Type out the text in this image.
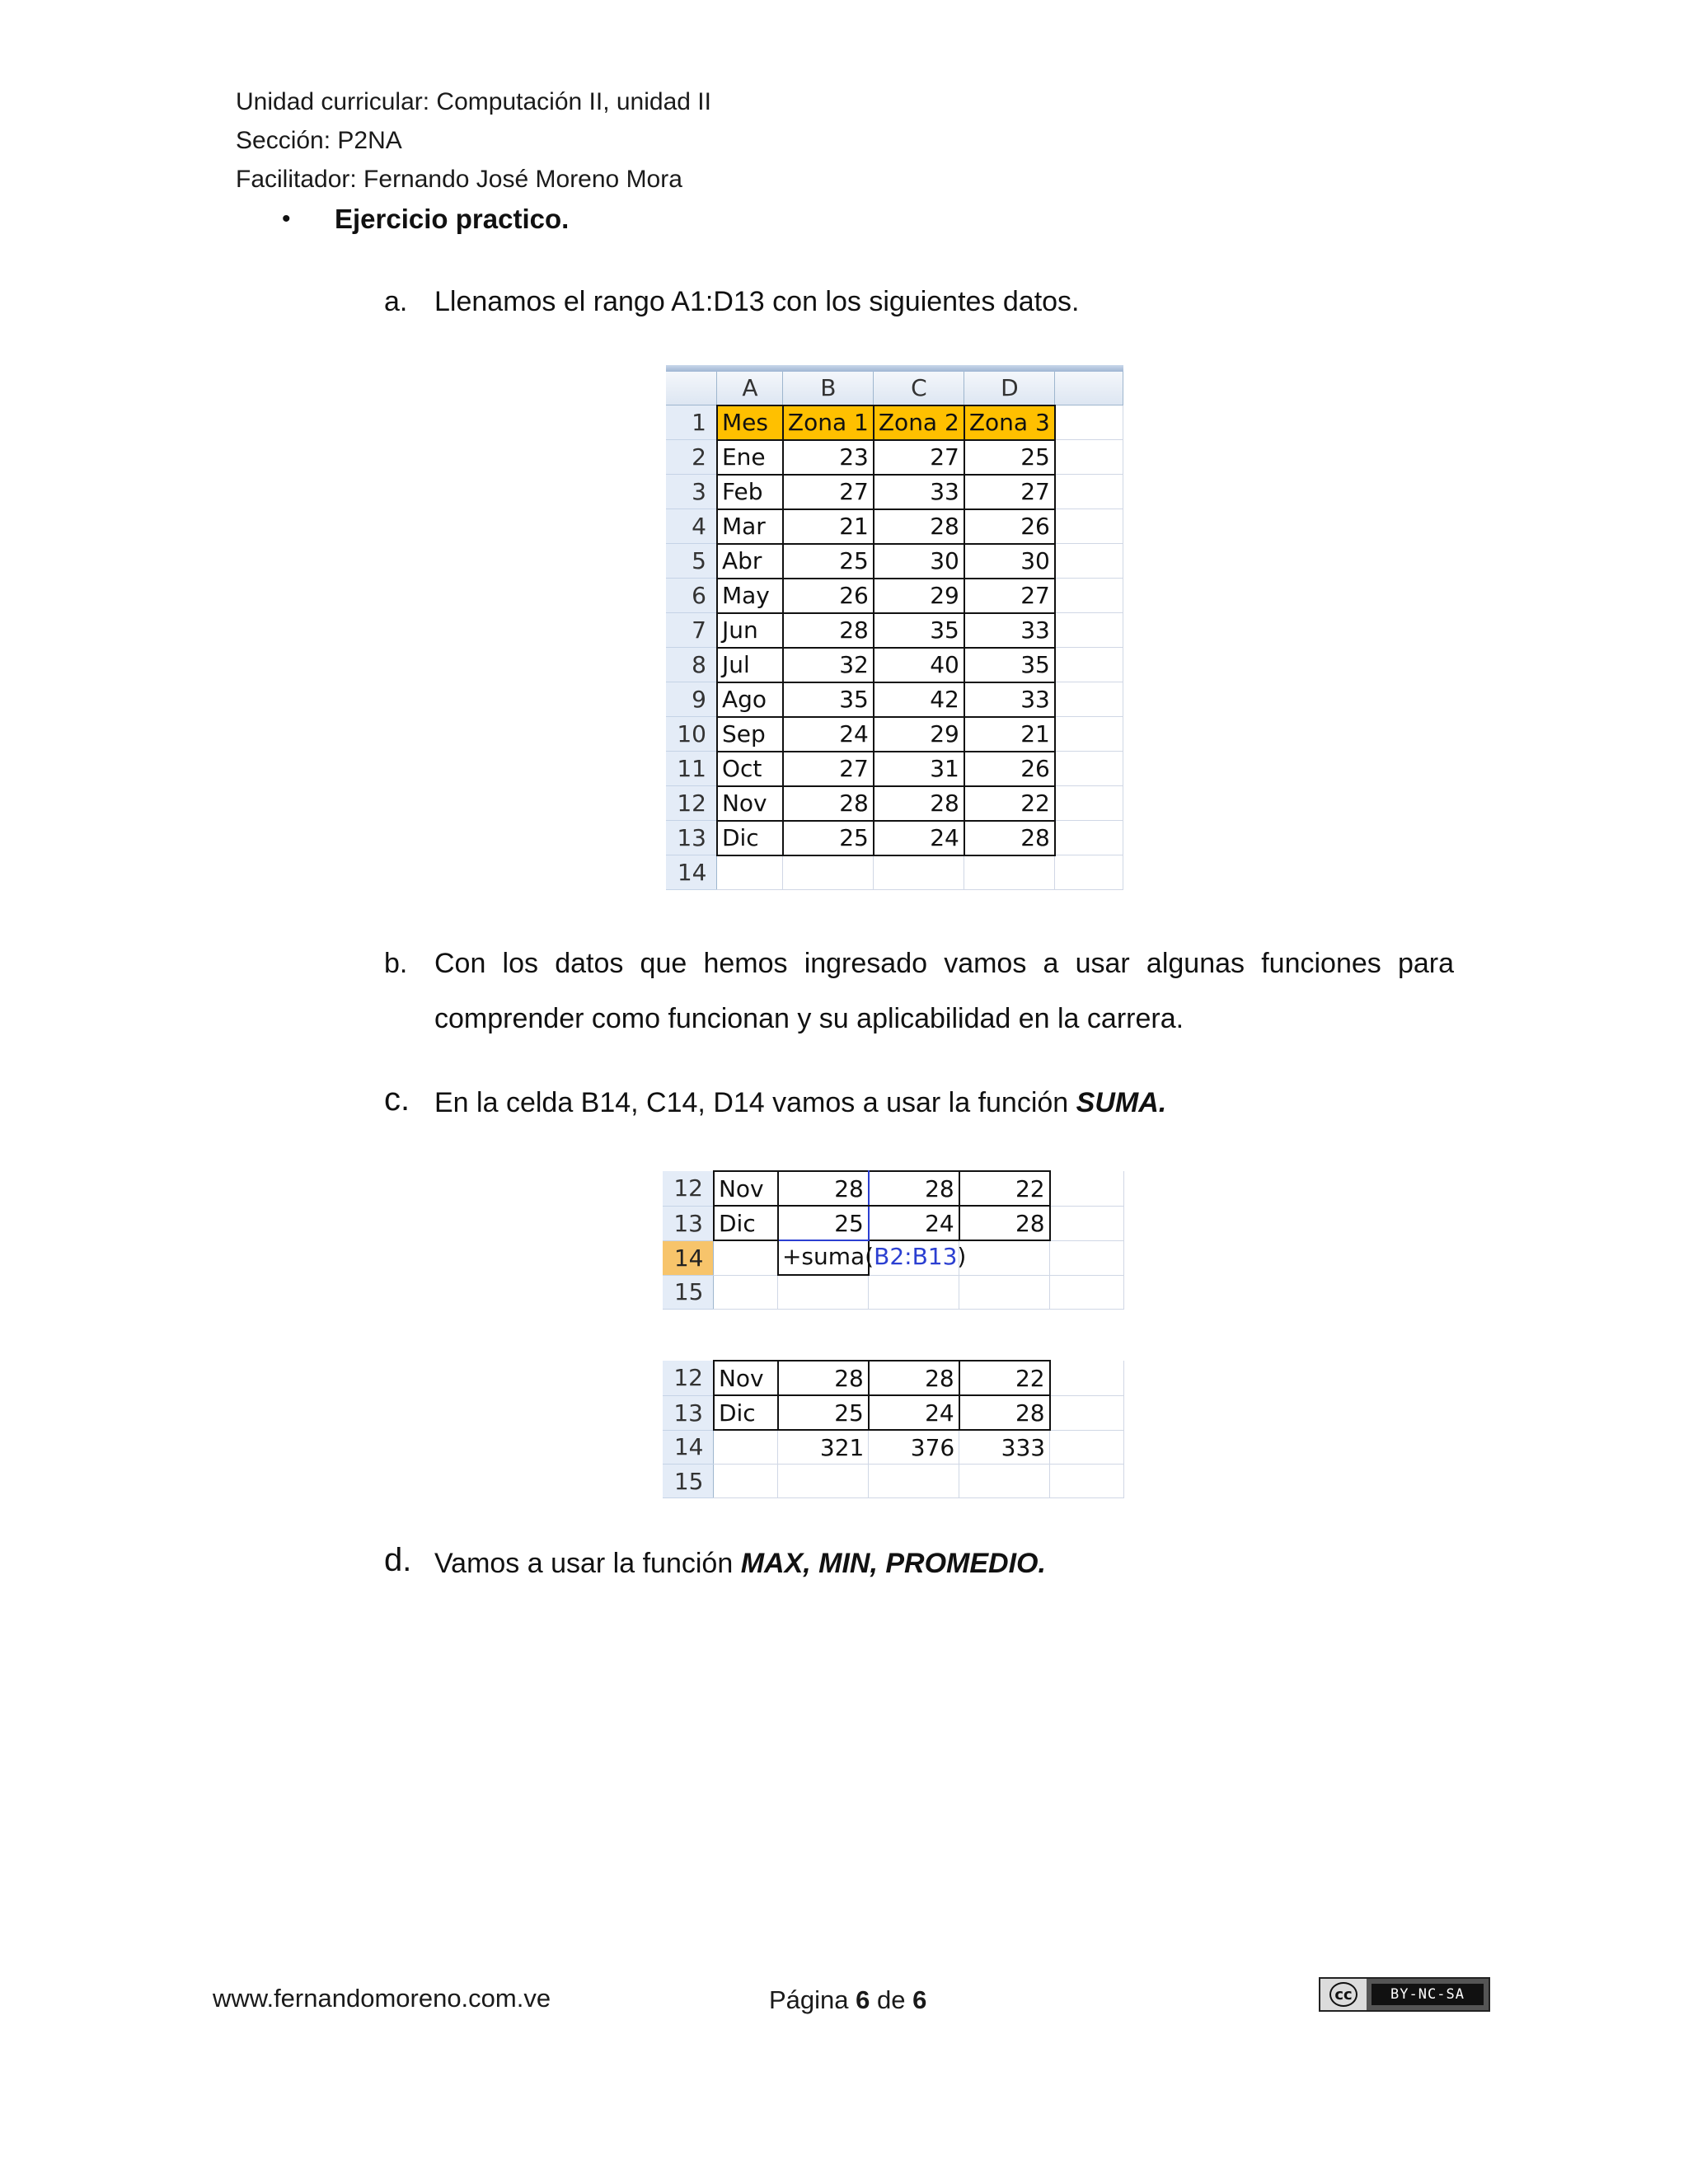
Unidad curricular: Computación II, unidad II
Sección: P2NA
Facilitador: Fernando José Moreno Mora
• Ejercicio practico.
a. Llenamos el rango A1:D13 con los siguientes datos.
	A	B	C	D	
1	Mes	Zona 1	Zona 2	Zona 3	
2	Ene	23	27	25	
3	Feb	27	33	27	
4	Mar	21	28	26	
5	Abr	25	30	30	
6	May	26	29	27	
7	Jun	28	35	33	
8	Jul	32	40	35	
9	Ago	35	42	33	
10	Sep	24	29	21	
11	Oct	27	31	26	
12	Nov	28	28	22	
13	Dic	25	24	28	
14					
b. Con los datos que hemos ingresado vamos a usar algunas funciones para
comprender como funcionan y su aplicabilidad en la carrera.
c. En la celda B14, C14, D14 vamos a usar la función SUMA.
12	Nov	28	28	22	
13	Dic	25	24	28	
14		+suma(B2:B13)			

15					
12	Nov	28	28	22	
13	Dic	25	24	28	
14		321	376	333	
15					
d. Vamos a usar la función MAX, MIN, PROMEDIO.
www.fernandomoreno.com.ve	Página 6 de 6	cc	BY-NC-SA
